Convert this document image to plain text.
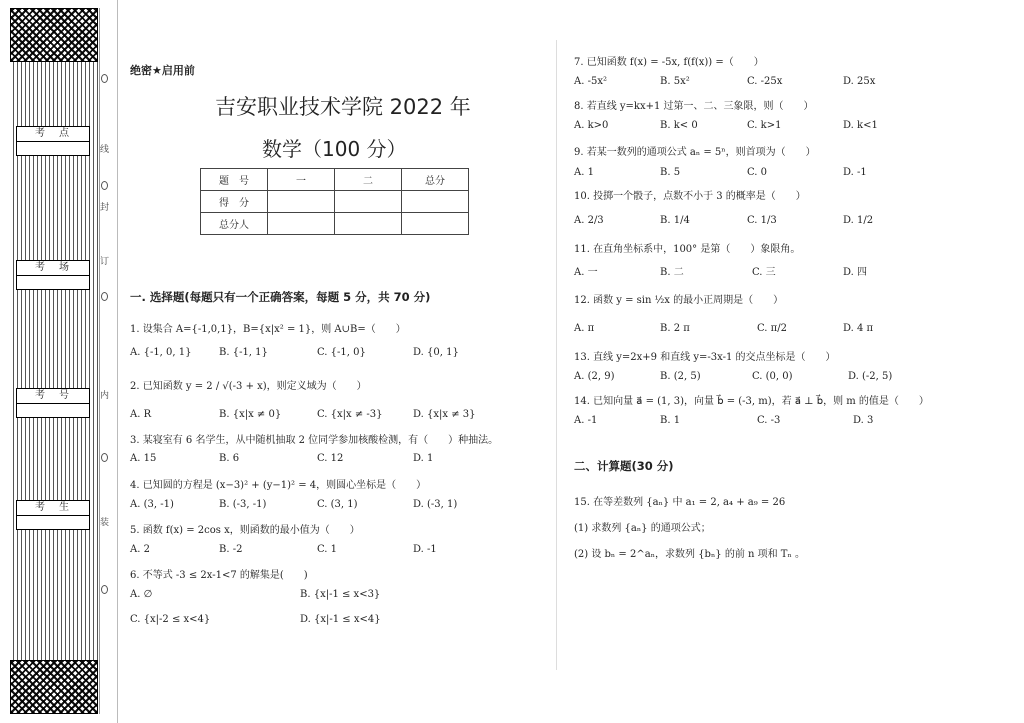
考点
考场
考号
考生
线
封
订
内
装
绝密★启用前
吉安职业技术学院 2022 年
数学（100 分）
题　号	一	二	总分
得　分			
总分人			
一. 选择题(每题只有一个正确答案，每题 5 分，共 70 分)
1. 设集合 A={-1,0,1}，B={x|x² = 1}，则 A∪B=（　　）
A. {-1, 0, 1}	B. {-1, 1}	C. {-1, 0}	D. {0, 1}
2. 已知函数 y = 2 / √(-3 + x)，则定义域为（　　）
A. R	B. {x|x ≠ 0}	C. {x|x ≠ -3}	D. {x|x ≠ 3}
3. 某寝室有 6 名学生，从中随机抽取 2 位同学参加核酸检测，有（　　）种抽法。
A. 15	B. 6	C. 12	D. 1
4. 已知圆的方程是 (x−3)² + (y−1)² = 4，则圆心坐标是（　　）
A. (3, -1)	B. (-3, -1)	C. (3, 1)	D. (-3, 1)
5. 函数 f(x) = 2cos x，则函数的最小值为（　　）
A. 2	B. -2	C. 1	D. -1
6. 不等式 -3 ≤ 2x-1<7 的解集是(　　)
A. ∅	B. {x|-1 ≤ x<3}
C. {x|-2 ≤ x<4}	D. {x|-1 ≤ x<4}
7. 已知函数 f(x) = -5x, f(f(x)) =（　　）
A. -5x²	B. 5x²	C. -25x	D. 25x
8. 若直线 y=kx+1 过第一、二、三象限，则（　　）
A. k>0	B. k< 0	C. k>1	D. k<1
9. 若某一数列的通项公式 aₙ = 5ⁿ，则首项为（　　）
A. 1	B. 5	C. 0	D. -1
10. 投掷一个骰子，点数不小于 3 的概率是（　　）
A. 2/3	B. 1/4	C. 1/3	D. 1/2
11. 在直角坐标系中，100° 是第（　　）象限角。
A. 一	B. 二	C. 三	D. 四
12. 函数 y = sin ½x 的最小正周期是（　　）
A. π	B. 2 π	C. π/2	D. 4 π
13. 直线 y=2x+9 和直线 y=-3x-1 的交点坐标是（　　）
A. (2, 9)	B. (2, 5)	C. (0, 0)	D. (-2, 5)
14. 已知向量 a⃗ = (1, 3)，向量 b⃗ = (-3, m)，若 a⃗ ⊥ b⃗，则 m 的值是（　　）
A. -1	B. 1	C. -3	D. 3
二、计算题(30 分)
15. 在等差数列 {aₙ} 中 a₁ = 2, a₄ + a₉ = 26
(1) 求数列 {aₙ} 的通项公式；
(2) 设 bₙ = 2^aₙ，求数列 {bₙ} 的前 n 项和 Tₙ 。
